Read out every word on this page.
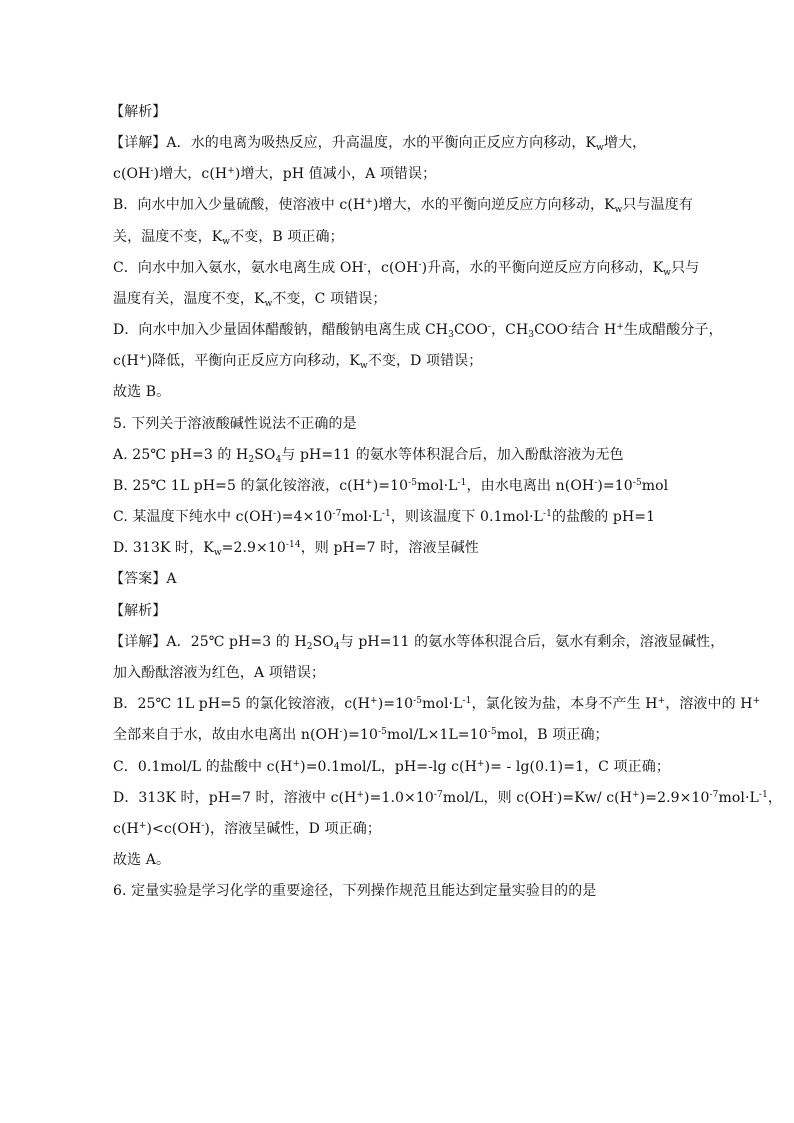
【解析】
【详解】A．水的电离为吸热反应，升高温度，水的平衡向正反应方向移动，$K_w$增大，
c(OH-)增大，c(H+)增大，pH 值减小，A 项错误；
B．向水中加入少量硫酸，使溶液中 c(H+)增大，水的平衡向逆反应方向移动，$K_w$只与温度有
关，温度不变，$K_w$不变，B 项正确；
C．向水中加入氨水，氨水电离生成 OH-，c(OH-)升高，水的平衡向逆反应方向移动，$K_w$只与
温度有关，温度不变，$K_w$不变，C 项错误；
D．向水中加入少量固体醋酸钠，醋酸钠电离生成 $CH_3COO^-$，$CH_3COO^-$结合 H+生成醋酸分子，
c(H+)降低，平衡向正反应方向移动，$K_w$不变，D 项错误；
故选 B。
5. 下列关于溶液酸碱性说法不正确的是
A. 25℃ pH=3 的 $H_2SO_4$与 pH=11 的氨水等体积混合后，加入酚酞溶液为无色
B. 25℃ 1L pH=5 的氯化铵溶液，$c(H^+)=10^{-5}mol\cdot L^{-1}$，由水电离出 $n(OH^-)=10^{-5}mol$
C. 某温度下纯水中 $c(OH^-)=4\times 10^{-7}mol\cdot L^{-1}$，则该温度下 $0.1mol\cdot L^{-1}$的盐酸的 pH=1
D. 313K 时，$K_w=2.9\times 10^{-14}$，则 pH=7 时，溶液呈碱性
【答案】A
【解析】
【详解】A．25℃ pH=3 的 $H_2SO_4$与 pH=11 的氨水等体积混合后，氨水有剩余，溶液显碱性，
加入酚酞溶液为红色，A 项错误；
B．25℃ 1L pH=5 的氯化铵溶液，$c(H^+)=10^{-5}mol\cdot L^{-1}$，氯化铵为盐，本身不产生 H+，溶液中的 H+
全部来自于水，故由水电离出 $n(OH^-)=10^{-5}mol/L\times 1L=10^{-5}mol$，B 项正确；
C．0.1mol/L 的盐酸中 c(H+)=0.1mol/L，pH=-lg c(H+)= - lg(0.1)=1，C 项正确；
D．313K 时，pH=7 时，溶液中 $c(H^+)=1.0\times 10^{-7}mol/L$，则 c(OH-)=Kw/ $c(H^+)=2.9\times 10^{-7}mol\cdot L^{-1}$，
c(H+)<c(OH-)，溶液呈碱性，D 项正确；
故选 A。
6. 定量实验是学习化学的重要途径，下列操作规范且能达到定量实验目的的是
